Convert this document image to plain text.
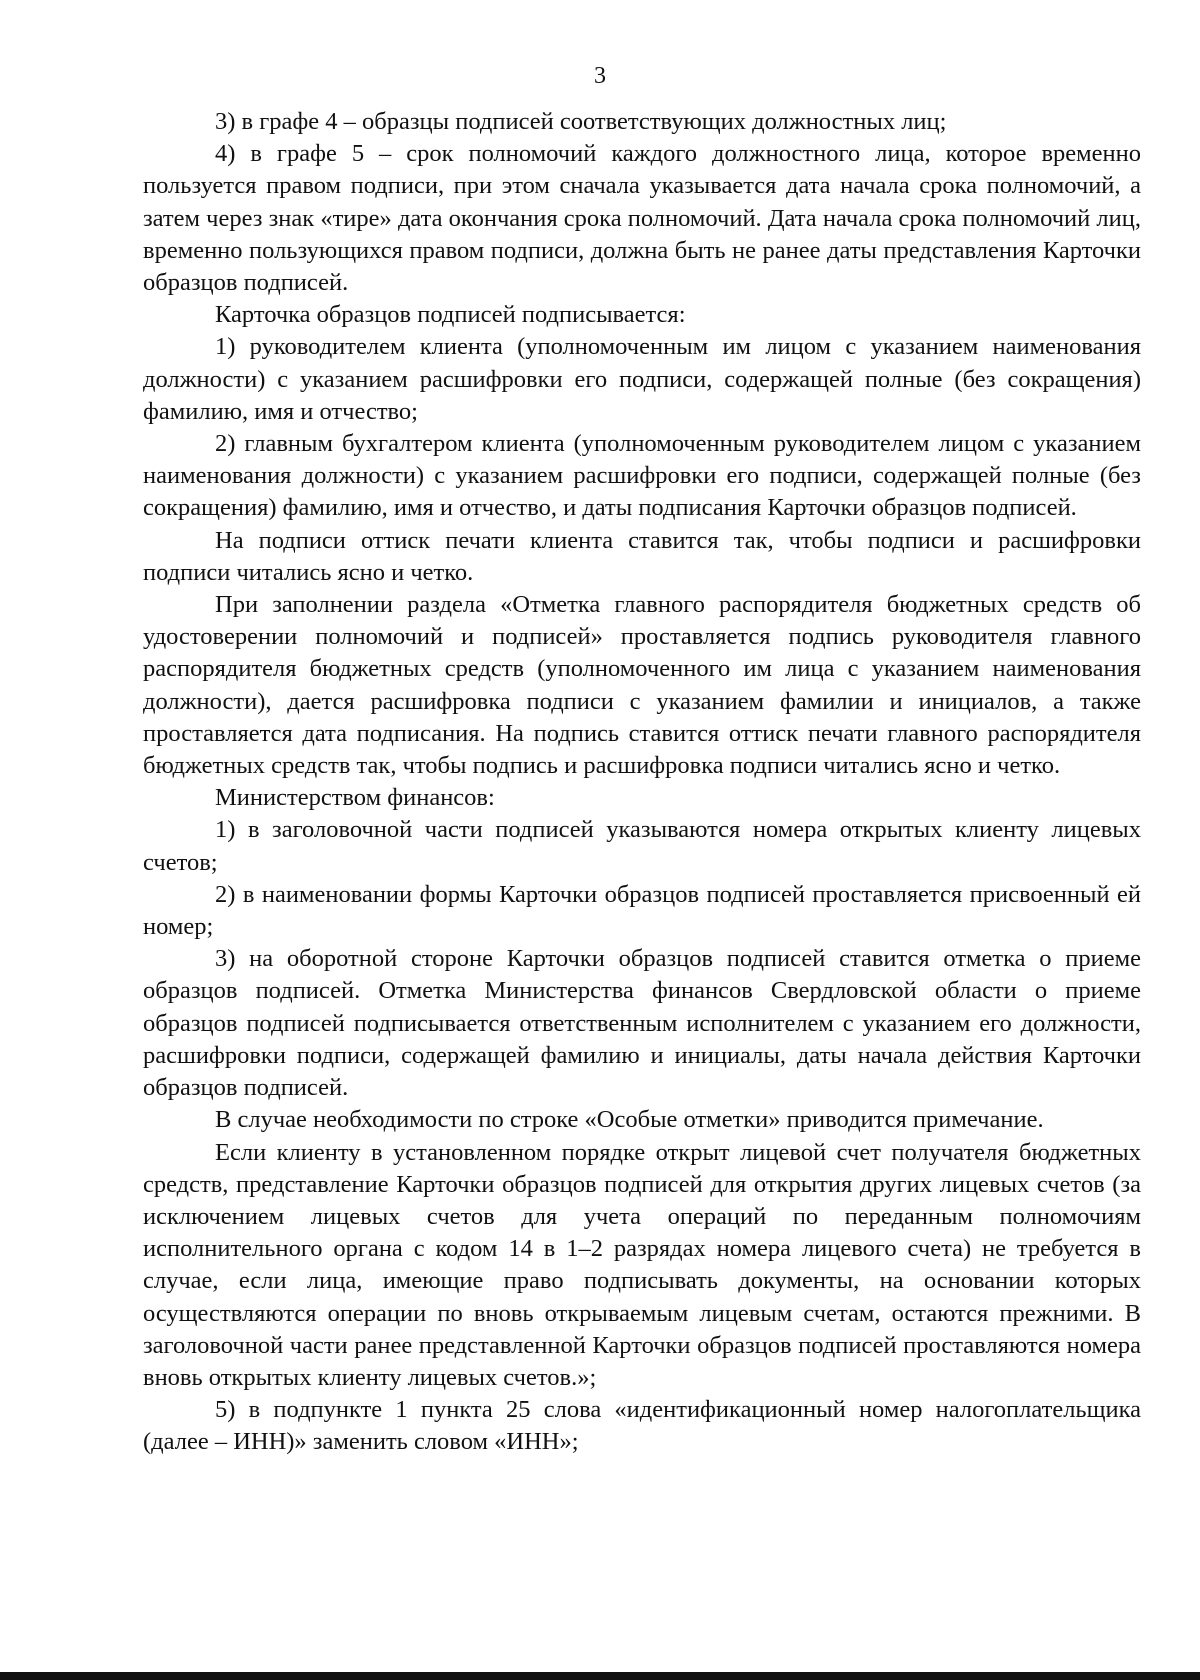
3

3) в графе 4 – образцы подписей соответствующих должностных лиц;

4) в графе 5 – срок полномочий каждого должностного лица, которое временно пользуется правом подписи, при этом сначала указывается дата начала срока полномочий, а затем через знак «тире» дата окончания срока полномочий. Дата начала срока полномочий лиц, временно пользующихся правом подписи, должна быть не ранее даты представления Карточки образцов подписей.

Карточка образцов подписей подписывается:

1) руководителем клиента (уполномоченным им лицом с указанием наименования должности) с указанием расшифровки его подписи, содержащей полные (без сокращения) фамилию, имя и отчество;

2) главным бухгалтером клиента (уполномоченным руководителем лицом с указанием наименования должности) с указанием расшифровки его подписи, содержащей полные (без сокращения) фамилию, имя и отчество, и даты подписания Карточки образцов подписей.

На подписи оттиск печати клиента ставится так, чтобы подписи и расшифровки подписи читались ясно и четко.

При заполнении раздела «Отметка главного распорядителя бюджетных средств об удостоверении полномочий и подписей» проставляется подпись руководителя главного распорядителя бюджетных средств (уполномоченного им лица с указанием наименования должности), дается расшифровка подписи с указанием фамилии и инициалов, а также проставляется дата подписания. На подпись ставится оттиск печати главного распорядителя бюджетных средств так, чтобы подпись и расшифровка подписи читались ясно и четко.

Министерством финансов:

1) в заголовочной части подписей указываются номера открытых клиенту лицевых счетов;

2) в наименовании формы Карточки образцов подписей проставляется присвоенный ей номер;

3) на оборотной стороне Карточки образцов подписей ставится отметка о приеме образцов подписей. Отметка Министерства финансов Свердловской области о приеме образцов подписей подписывается ответственным исполнителем с указанием его должности, расшифровки подписи, содержащей фамилию и инициалы, даты начала действия Карточки образцов подписей.

В случае необходимости по строке «Особые отметки» приводится примечание.

Если клиенту в установленном порядке открыт лицевой счет получателя бюджетных средств, представление Карточки образцов подписей для открытия других лицевых счетов (за исключением лицевых счетов для учета операций по переданным полномочиям исполнительного органа с кодом 14 в 1–2 разрядах номера лицевого счета) не требуется в случае, если лица, имеющие право подписывать документы, на основании которых осуществляются операции по вновь открываемым лицевым счетам, остаются прежними. В заголовочной части ранее представленной Карточки образцов подписей проставляются номера вновь открытых клиенту лицевых счетов.»;

5) в подпункте 1 пункта 25 слова «идентификационный номер налогоплательщика (далее – ИНН)» заменить словом «ИНН»;
